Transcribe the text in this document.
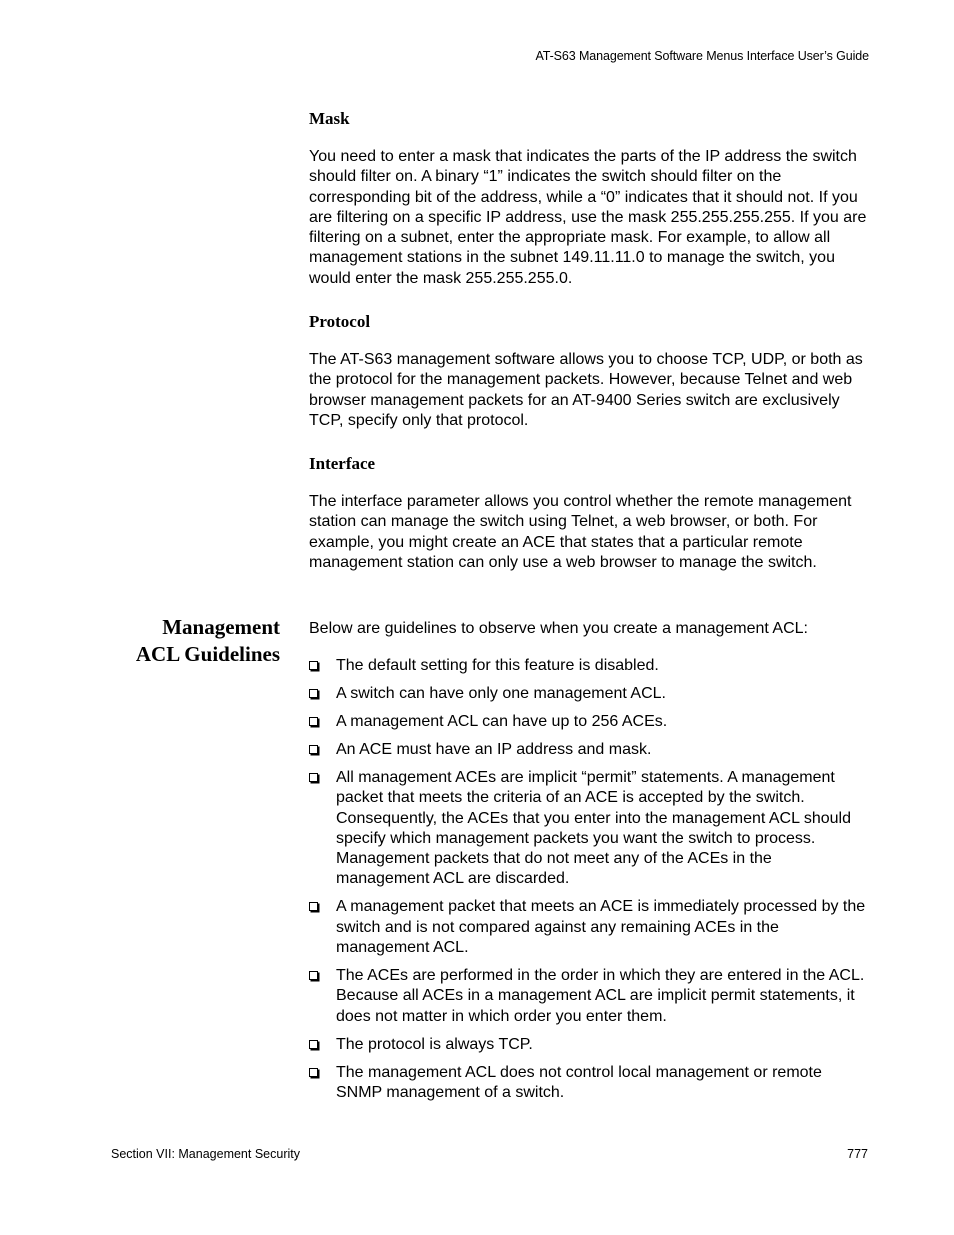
AT-S63 Management Software Menus Interface User’s Guide
Mask

You need to enter a mask that indicates the parts of the IP address the switch should filter on. A binary “1” indicates the switch should filter on the corresponding bit of the address, while a “0” indicates that it should not. If you are filtering on a specific IP address, use the mask 255.255.255.255. If you are filtering on a subnet, enter the appropriate mask. For example, to allow all management stations in the subnet 149.11.11.0 to manage the switch, you would enter the mask 255.255.255.0.

Protocol

The AT-S63 management software allows you to choose TCP, UDP, or both as the protocol for the management packets. However, because Telnet and web browser management packets for an AT-9400 Series switch are exclusively TCP, specify only that protocol.

Interface

The interface parameter allows you control whether the remote management station can manage the switch using Telnet, a web browser, or both. For example, you might create an ACE that states that a particular remote management station can only use a web browser to manage the switch.

Below are guidelines to observe when you create a management ACL:

The default setting for this feature is disabled.
A switch can have only one management ACL.
A management ACL can have up to 256 ACEs.
An ACE must have an IP address and mask.
All management ACEs are implicit “permit” statements. A management packet that meets the criteria of an ACE is accepted by the switch. Consequently, the ACEs that you enter into the management ACL should specify which management packets you want the switch to process. Management packets that do not meet any of the ACEs in the management ACL are discarded.
A management packet that meets an ACE is immediately processed by the switch and is not compared against any remaining ACEs in the management ACL.
The ACEs are performed in the order in which they are entered in the ACL. Because all ACEs in a management ACL are implicit permit statements, it does not matter in which order you enter them.
The protocol is always TCP.
The management ACL does not control local management or remote SNMP management of a switch.
Management
ACL Guidelines
Section VII: Management Security	777
